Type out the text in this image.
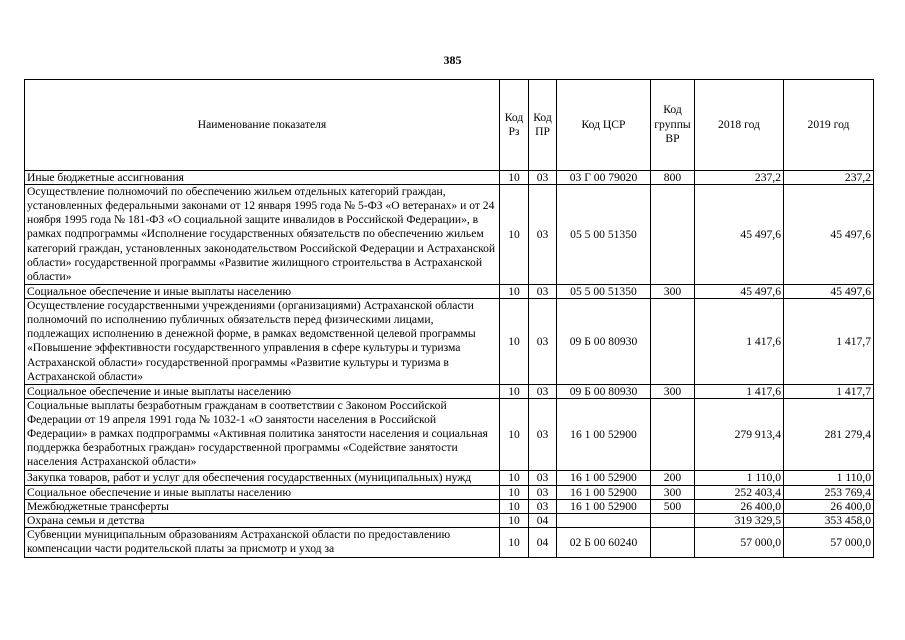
385
Наименование показателя	Код Рз	Код ПР	Код ЦСР	Код группы ВР	2018 год	2019 год
Иные бюджетные ассигнования	10	03	03 Г 00 79020	800	237,2	237,2
Осуществление полномочий по обеспечению жильем отдельных категорий граждан, установленных федеральными законами от 12 января 1995 года № 5-ФЗ «О ветеранах» и от 24 ноября 1995 года № 181-ФЗ «О социальной защите инвалидов в Российской Федерации», в рамках подпрограммы «Исполнение государственных обязательств по обеспечению жильем категорий граждан, установленных законодательством Российской Федерации и Астраханской области» государственной программы «Развитие жилищного строительства в Астраханской области»	10	03	05 5 00 51350		45 497,6	45 497,6
Социальное обеспечение и иные выплаты населению	10	03	05 5 00 51350	300	45 497,6	45 497,6
Осуществление государственными учреждениями (организациями) Астраханской области полномочий по исполнению публичных обязательств перед физическими лицами, подлежащих исполнению в денежной форме, в рамках ведомственной целевой программы «Повышение эффективности государственного управления в сфере культуры и туризма Астраханской области» государственной программы «Развитие культуры и туризма в Астраханской области»	10	03	09 Б 00 80930		1 417,6	1 417,7
Социальное обеспечение и иные выплаты населению	10	03	09 Б 00 80930	300	1 417,6	1 417,7
Социальные выплаты безработным гражданам в соответствии с Законом Российской Федерации от 19 апреля 1991 года № 1032-1 «О занятости населения в Российской Федерации» в рамках подпрограммы «Активная политика занятости населения и социальная поддержка безработных граждан» государственной программы «Содействие занятости населения Астраханской области»	10	03	16 1 00 52900		279 913,4	281 279,4
Закупка товаров, работ и услуг для обеспечения государственных (муниципальных) нужд	10	03	16 1 00 52900	200	1 110,0	1 110,0
Социальное обеспечение и иные выплаты населению	10	03	16 1 00 52900	300	252 403,4	253 769,4
Межбюджетные трансферты	10	03	16 1 00 52900	500	26 400,0	26 400,0
Охрана семьи и детства	10	04			319 329,5	353 458,0
Субвенции муниципальным образованиям Астраханской области по предоставлению компенсации части родительской платы за присмотр и уход за	10	04	02 Б 00 60240		57 000,0	57 000,0
